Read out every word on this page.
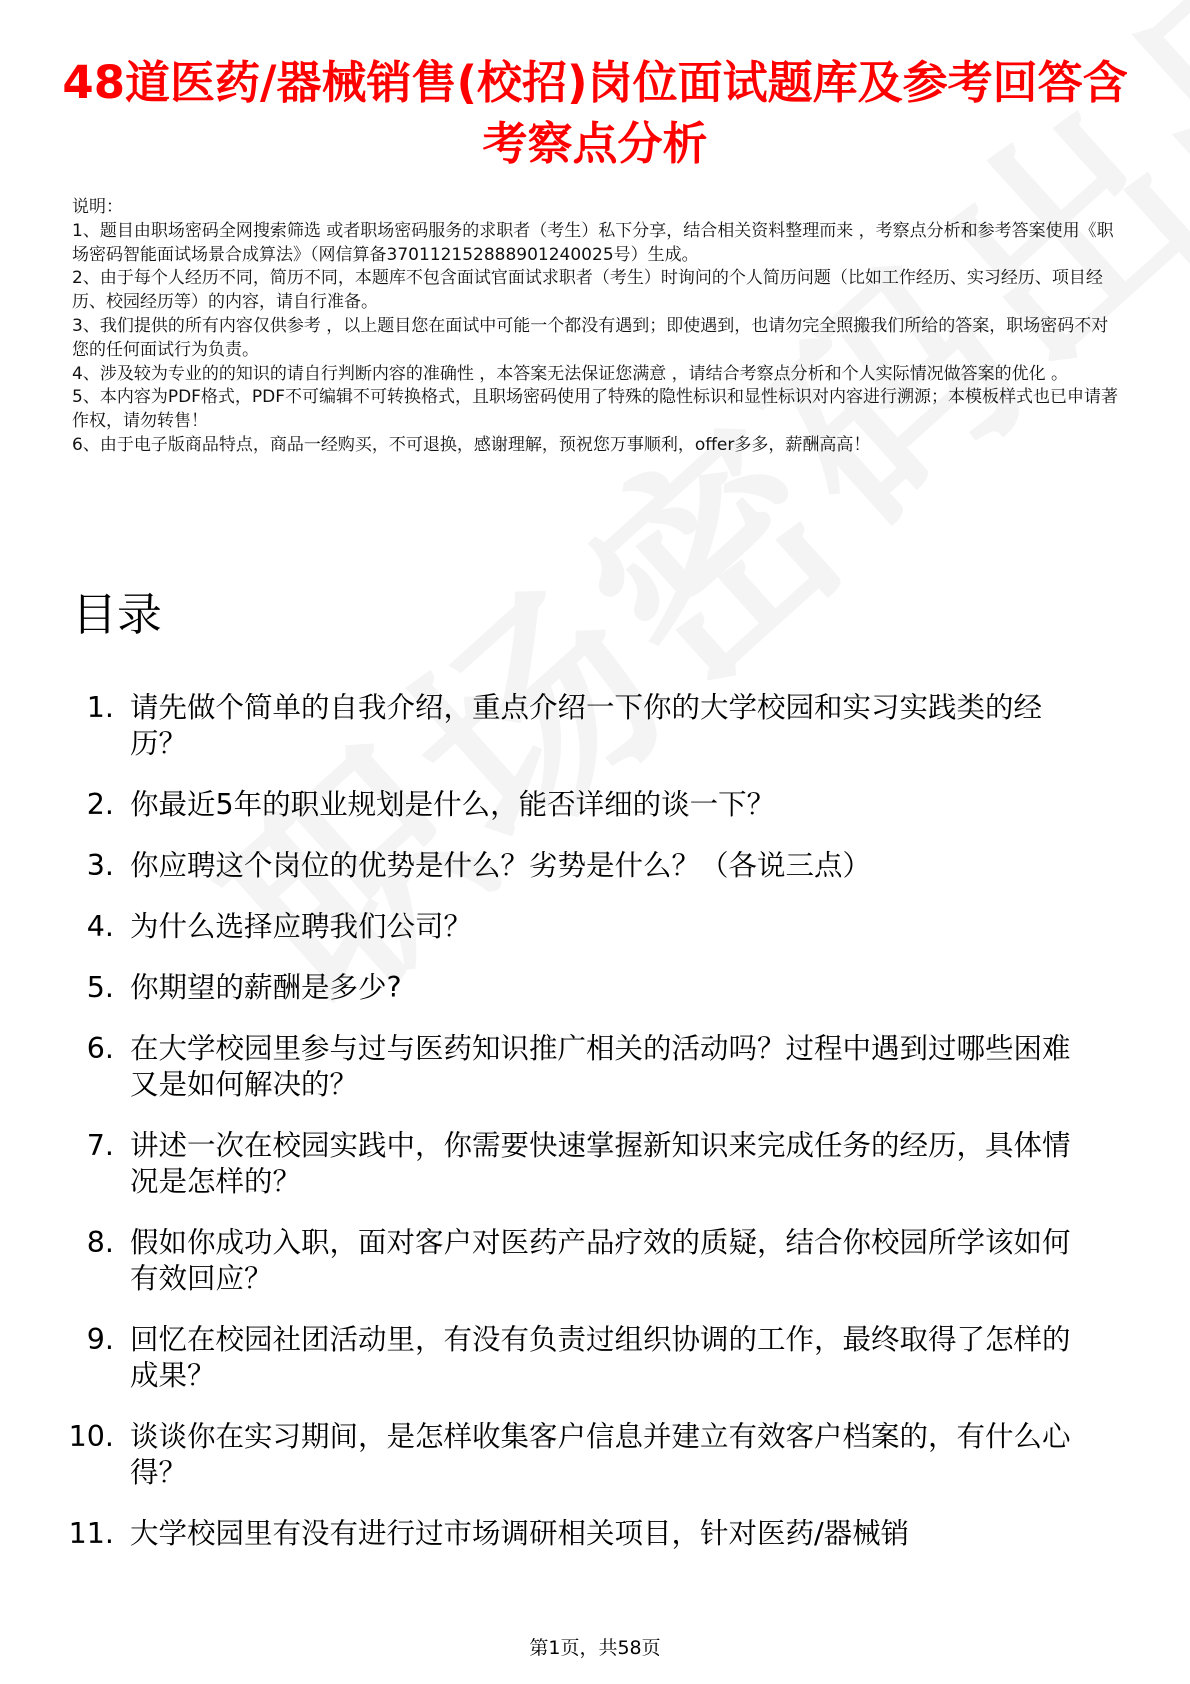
48道医药/器械销售(校招)岗位面试题库及参考回答含考察点分析

说明：

1、题目由职场密码全网搜索筛选 或者职场密码服务的求职者（考生）私下分享，结合相关资料整理而来 ，考察点分析和参考答案使用《职场密码智能面试场景合成算法》（网信算备370112152888901240025号）生成。

2、由于每个人经历不同，简历不同，本题库不包含面试官面试求职者（考生）时询问的个人简历问题（比如工作经历、实习经历、项目经历、校园经历等）的内容，请自行准备。

3、我们提供的所有内容仅供参考 ，以上题目您在面试中可能一个都没有遇到；即使遇到，也请勿完全照搬我们所给的答案，职场密码不对您的任何面试行为负责。

4、涉及较为专业的的知识的请自行判断内容的准确性 ，本答案无法保证您满意 ，请结合考察点分析和个人实际情况做答案的优化 。

5、本内容为PDF格式，PDF不可编辑不可转换格式，且职场密码使用了特殊的隐性标识和显性标识对内容进行溯源；本模板样式也已申请著作权，请勿转售！

6、由于电子版商品特点，商品一经购买，不可退换，感谢理解，预祝您万事顺利，offer多多，薪酬高高！

目录
1. 请先做个简单的自我介绍，重点介绍一下你的大学校园和实习实践类的经历？
2. 你最近5年的职业规划是什么，能否详细的谈一下？
3. 你应聘这个岗位的优势是什么？劣势是什么？（各说三点）
4. 为什么选择应聘我们公司？
5. 你期望的薪酬是多少?
6. 在大学校园里参与过与医药知识推广相关的活动吗？过程中遇到过哪些困难又是如何解决的？
7. 讲述一次在校园实践中，你需要快速掌握新知识来完成任务的经历，具体情况是怎样的？
8. 假如你成功入职，面对客户对医药产品疗效的质疑，结合你校园所学该如何有效回应？
9. 回忆在校园社团活动里，有没有负责过组织协调的工作，最终取得了怎样的成果？
10. 谈谈你在实习期间，是怎样收集客户信息并建立有效客户档案的，有什么心得？
11. 大学校园里有没有进行过市场调研相关项目，针对医药/器械销
第1页，共58页
